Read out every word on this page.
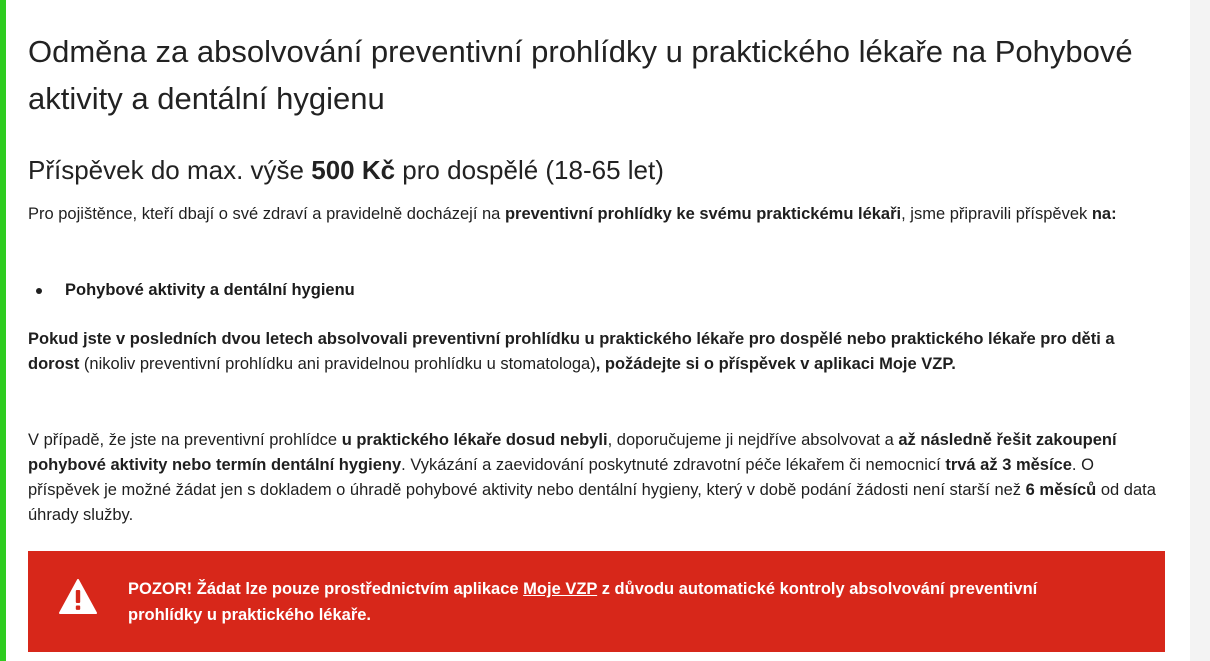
Odměna za absolvování preventivní prohlídky u praktického lékaře na Pohybové aktivity a dentální hygienu
Příspěvek do max. výše 500 Kč pro dospělé (18-65 let)

Pro pojištěnce, kteří dbají o své zdraví a pravidelně docházejí na preventivní prohlídky ke svému praktickému lékaři, jsme připravili příspěvek na:

Pohybové aktivity a dentální hygienu

Pokud jste v posledních dvou letech absolvovali preventivní prohlídku u praktického lékaře pro dospělé nebo praktického lékaře pro děti a dorost (nikoliv preventivní prohlídku ani pravidelnou prohlídku u stomatologa), požádejte si o příspěvek v aplikaci Moje VZP.

V případě, že jste na preventivní prohlídce u praktického lékaře dosud nebyli, doporučujeme ji nejdříve absolvovat a až následně řešit zakoupení pohybové aktivity nebo termín dentální hygieny. Vykázání a zaevidování poskytnuté zdravotní péče lékařem či nemocnicí trvá až 3 měsíce. O příspěvek je možné žádat jen s dokladem o úhradě pohybové aktivity nebo dentální hygieny, který v době podání žádosti není starší než 6 měsíců od data úhrady služby.

POZOR! Žádat lze pouze prostřednictvím aplikace Moje VZP z důvodu automatické kontroly absolvování preventivní prohlídky u praktického lékaře.
